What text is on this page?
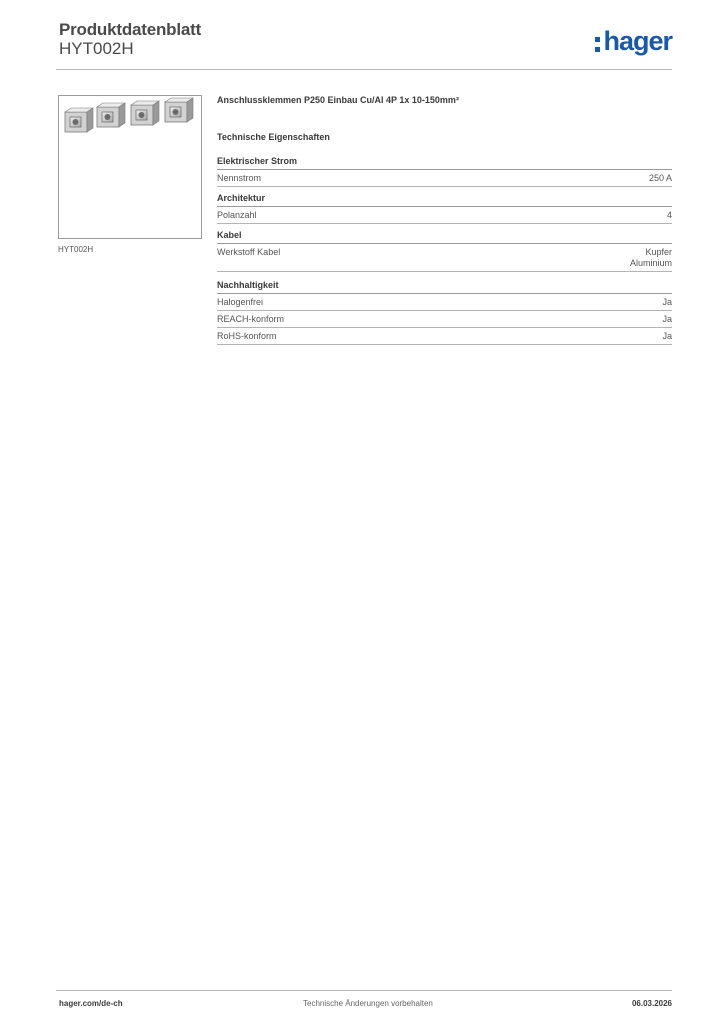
Produktdatenblatt
HYT002H	hager
HYT002H
Anschlussklemmen P250 Einbau Cu/Al 4P 1x 10-150mm²
Technische Eigenschaften
Elektrischer Strom
Nennstrom	250 A
Architektur
Polanzahl	4
Kabel
Werkstoff Kabel	Kupfer
Aluminium
Nachhaltigkeit
Halogenfrei	Ja
REACH-konform	Ja
RoHS-konform	Ja
hager.com/de-ch	Technische Änderungen vorbehalten	06.03.2026
